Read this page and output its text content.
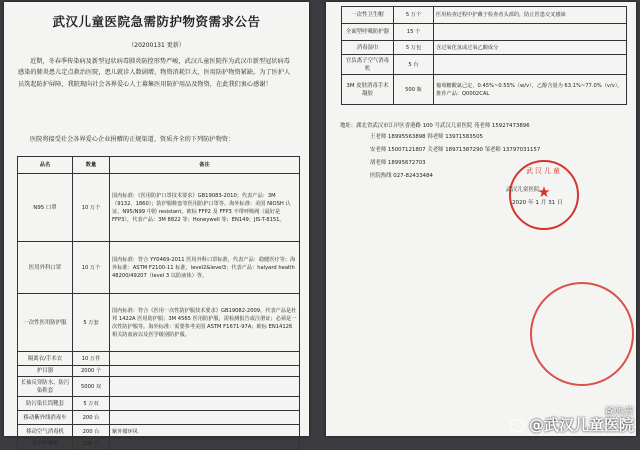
武汉儿童医院急需防护物资需求公告
（20200131 更新）
近期，冬春季传染病及新型冠状病毒肺炎防控形势严峻，武汉儿童医院作为武汉市新型冠状病毒感染的肺炎患儿定点救治医院，患儿就诊人数剧增，物资消耗巨大，医用防护物资紧缺。为了医护人员筑起防护屏障，我院现向社会各界爱心人士募集医用防护用品及物资，在此我们衷心感谢！
医院将接受社会各界爱心企业捐赠的正规渠道、资质齐全的下列防护物资：
品名	数量	备注
N95 口罩	10 万个	国内标准：《医用防护口罩技术要求》GB19083-2010；代表产品：3M（9132、1860）；防护服鞋套等医用防护口罩等。海外标准：美国 NIOSH 认证，N95/N99 中防 resistant，欧标 FFP2 及 FFP3 不带呼吸阀（最好是 FFP3），代表产品：3M 8822 等；Honeywell 等；EN149；JIS-T-8151。
医用外科口罩	10 万个	国内标准：符合 YY0469-2011 医用外科口罩标准，代表产品：稳健医疗等；海外标准：ASTM F2100-11 标准，level2&level3；代表产品：halyard health 48200/49207（level 3 以防液体）等。
一次性医用防护服	5 万套	国内标准：符合《医用一次性防护服技术要求》GB19082-2009，代表产品是杜邦 1422A 医用防护服；3M 4565 医用防护服，需检测报告或注册证；必须是一次性防护服等。海外标准：需要参考美国 ASTM F1671-97A；欧标 EN14126 相关防血液以及医学级别防护服。
隔离衣/手术衣	10 万件	
护目器	2000 个	
长袖反穿防水、防污染鞋套	5000 双	
防污染长筒靴套	5 万双	
移动紫外线消毒车	200 台	
移动空气消毒机	200 台	紫外循环风
真空呼吸机	100 台	
一次性卫生帽	5 万个	医用检查过程中护戴于检查者头部的，防止医患交叉感染
全面型呼吸防护器	15 个	
消毒湿巾	5 万包	含过氧化氢或过氧乙酸成分
官负离子空气消毒机	5 台	
3M 皮肤消毒手术凝胶	500 瓶	葡萄糖酸氯己定，0.45%~0.55%（w/v），乙醇含量为 63.1%~77.0%（v/v）。推荐产品：Q0002CAL
地址：湖北省武汉市江岸区香港路 100 号武汉儿童医院 苑老师 15927473896
王老师 18995563898 韩老师 13971583505
安老师 15007121807 关老师 18971387290 邹老师 13797031157
胡老师 18995672703
医院热线 027-82433484
武汉儿童
★
武汉儿童医院
2020 年 1 月 31 日
爸妈营
@武汉儿童医院
